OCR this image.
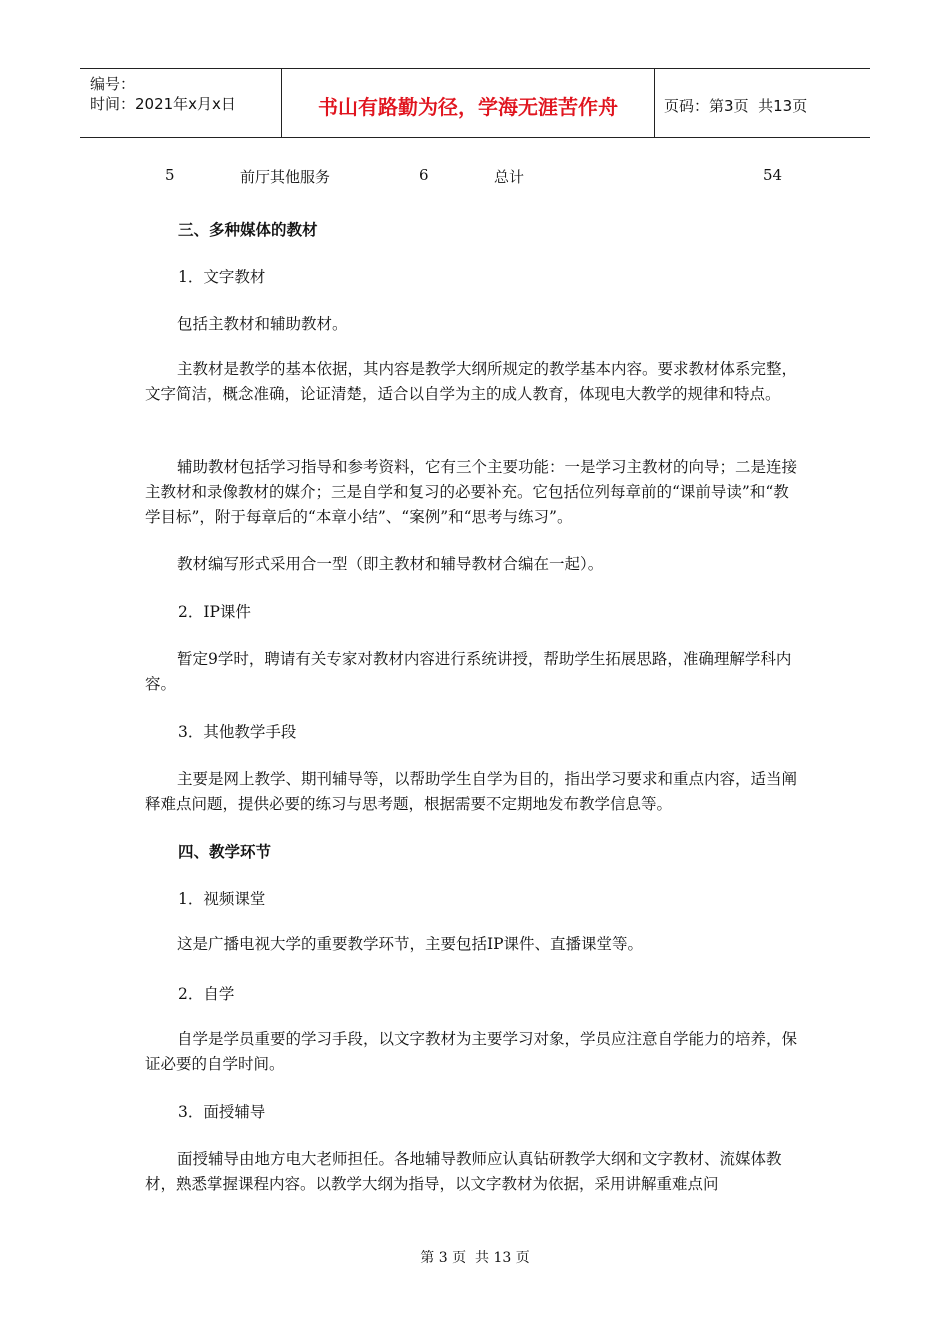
编号：
时间：2021年x月x日	书山有路勤为径，学海无涯苦作舟	页码：第3页  共13页
5	前厅其他服务	6	总计	54
三、多种媒体的教材
1．文字教材

包括主教材和辅助教材。

主教材是教学的基本依据，其内容是教学大纲所规定的教学基本内容。要求教材体系完整，文字简洁，概念准确，论证清楚，适合以自学为主的成人教育，体现电大教学的规律和特点。

辅助教材包括学习指导和参考资料，它有三个主要功能：一是学习主教材的向导；二是连接主教材和录像教材的媒介；三是自学和复习的必要补充。它包括位列每章前的“课前导读”和“教学目标”，附于每章后的“本章小结”、“案例”和“思考与练习”。

教材编写形式采用合一型（即主教材和辅导教材合编在一起）。

2．IP课件

暂定9学时，聘请有关专家对教材内容进行系统讲授，帮助学生拓展思路，准确理解学科内容。

3．其他教学手段

主要是网上教学、期刊辅导等，以帮助学生自学为目的，指出学习要求和重点内容，适当阐释难点问题，提供必要的练习与思考题，根据需要不定期地发布教学信息等。

四、教学环节
1．视频课堂

这是广播电视大学的重要教学环节，主要包括IP课件、直播课堂等。

2．自学

自学是学员重要的学习手段，以文字教材为主要学习对象，学员应注意自学能力的培养，保证必要的自学时间。

3．面授辅导

面授辅导由地方电大老师担任。各地辅导教师应认真钻研教学大纲和文字教材、流媒体教材，熟悉掌握课程内容。以教学大纲为指导，以文字教材为依据，采用讲解重难点问

第 3 页  共 13 页
